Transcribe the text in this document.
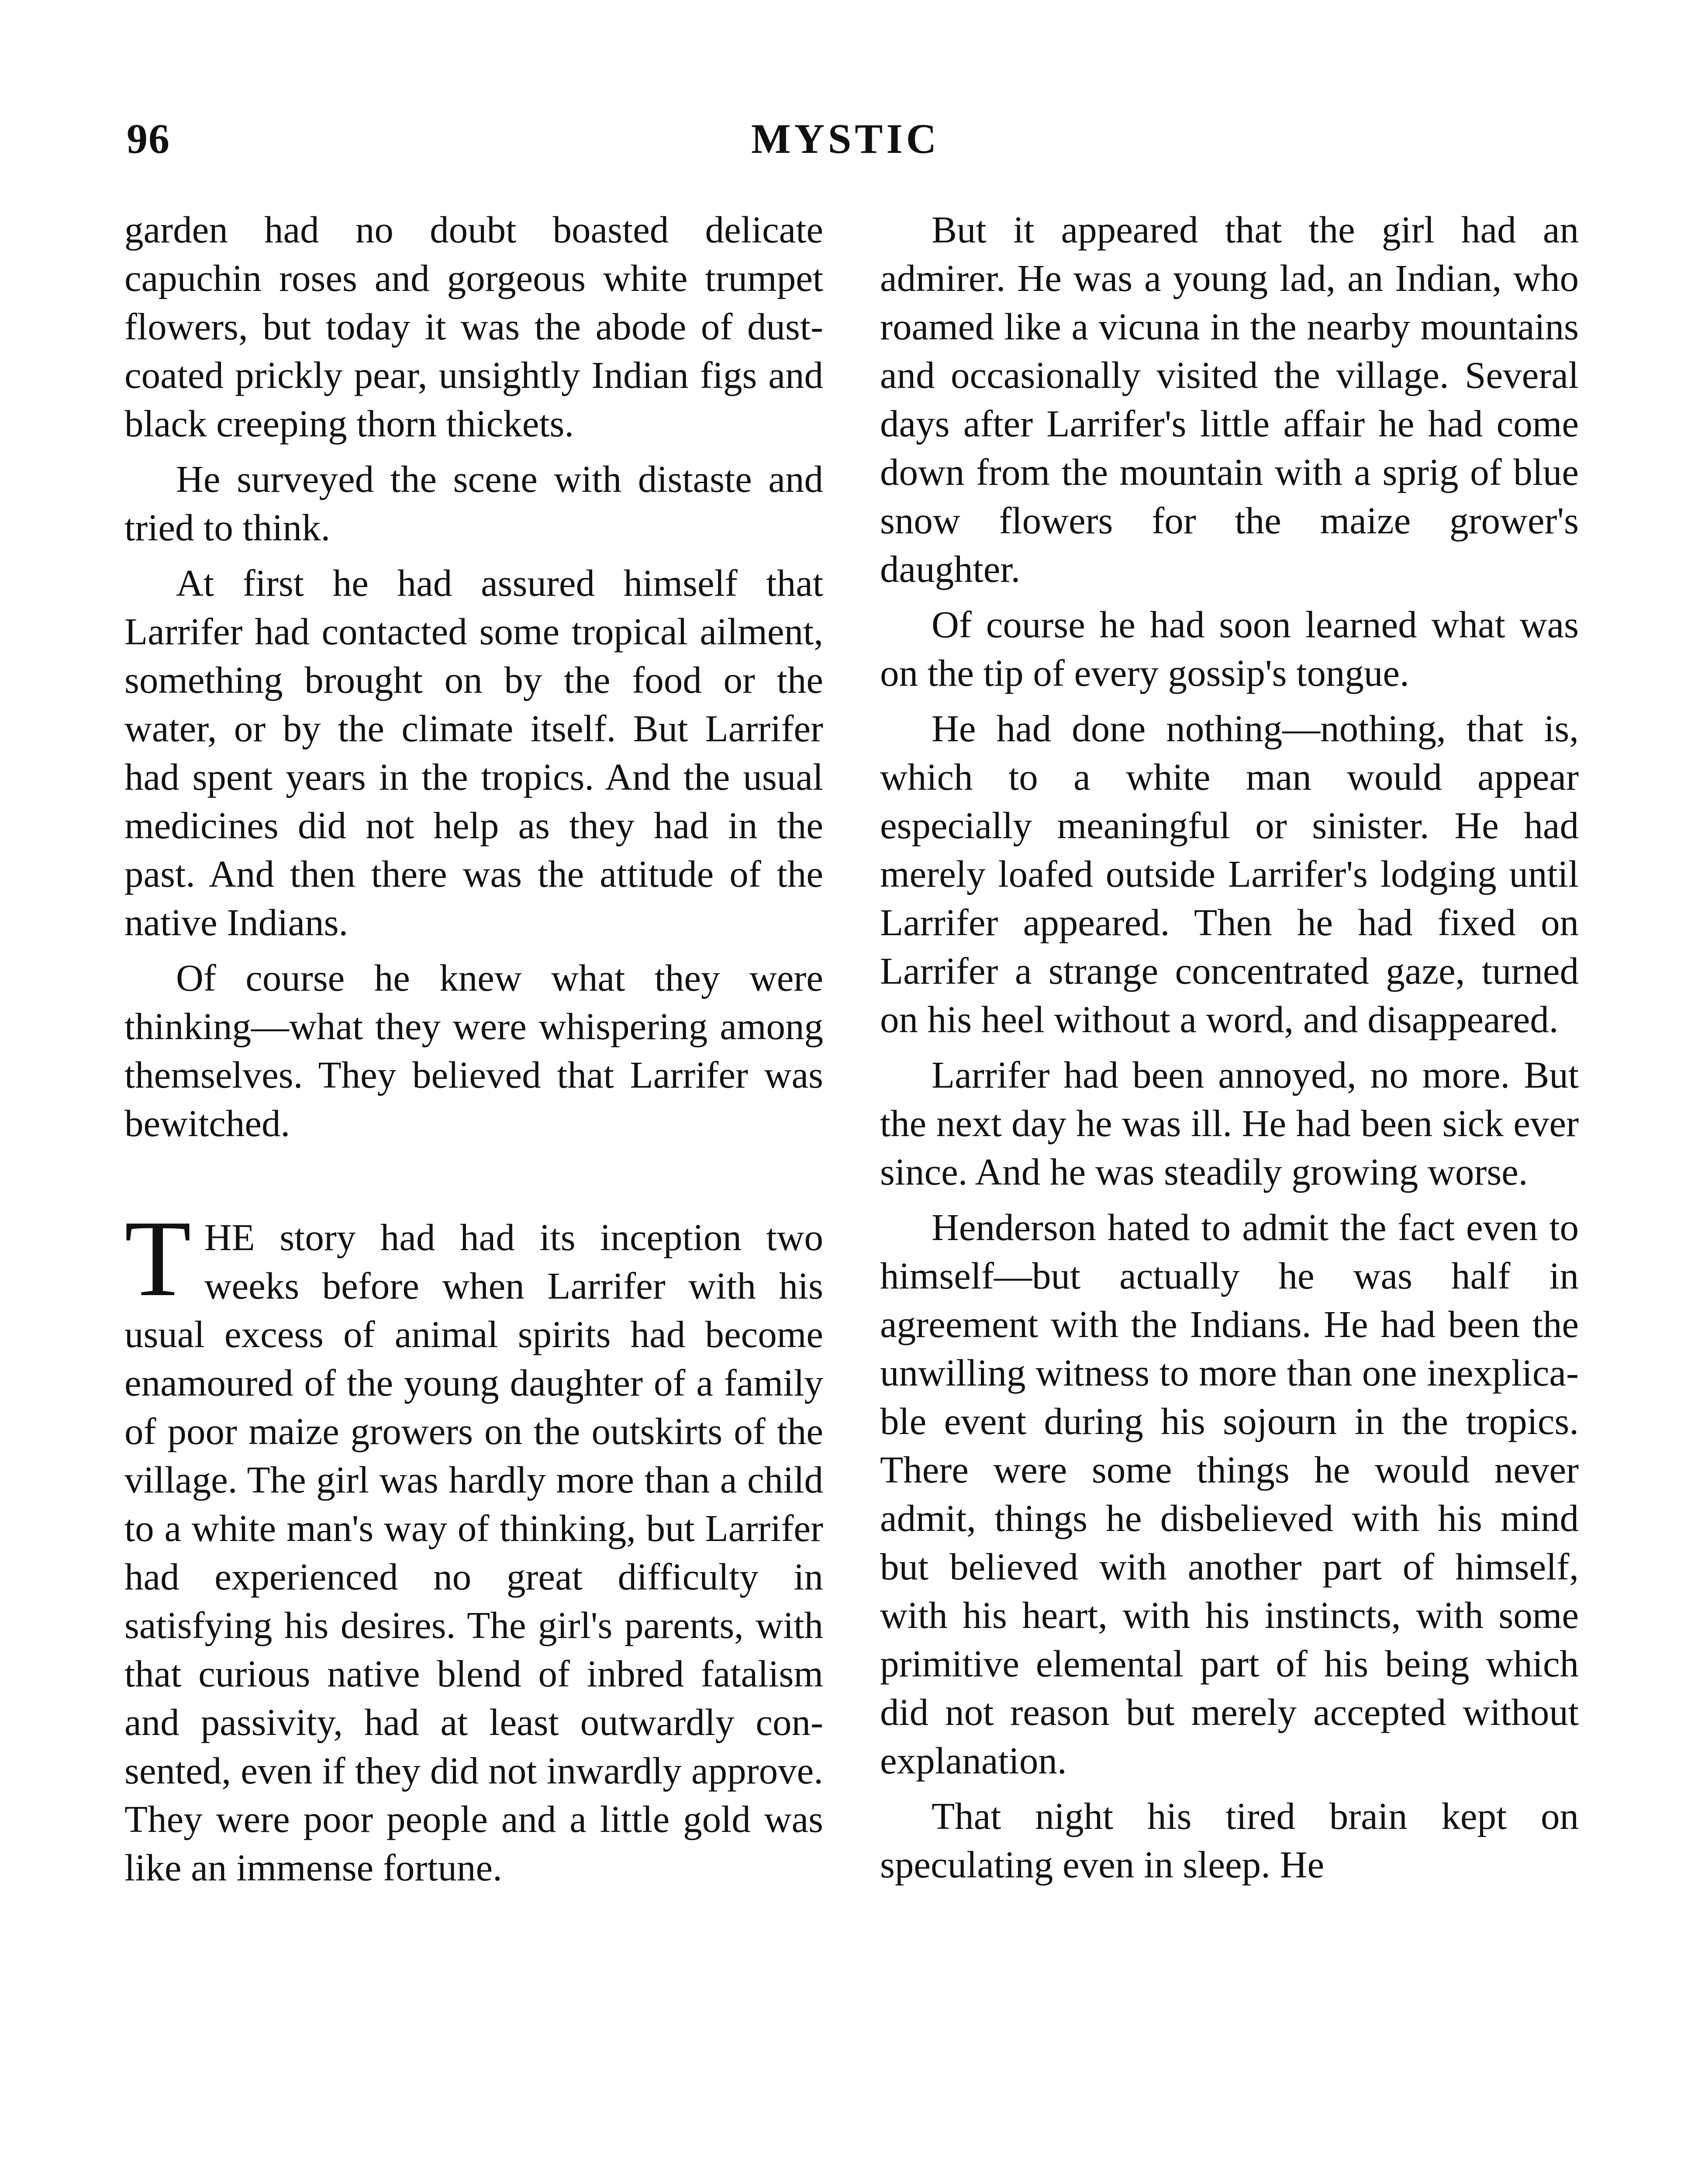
96	MYSTIC

garden had no doubt boasted delicate capuchin roses and gorgeous white trumpet flowers, but today it was the abode of dust-coated prickly pear, unsightly Indian figs and black creeping thorn thickets.

He surveyed the scene with distaste and tried to think.

At first he had assured himself that Larrifer had contacted some tropical ailment, something brought on by the food or the water, or by the climate itself. But Larrifer had spent years in the tropics. And the usual medicines did not help as they had in the past. And then there was the attitude of the native Indians.

Of course he knew what they were thinking—what they were whispering among themselves. They believed that Larrifer was bewitched.

THE story had had its inception two weeks before when Larrifer with his usual excess of animal spirits had become enamoured of the young daughter of a family of poor maize growers on the outskirts of the village. The girl was hardly more than a child to a white man's way of thinking, but Larrifer had experienced no great difficulty in satisfying his desires. The girl's parents, with that curious native blend of inbred fatalism and passivity, had at least outwardly consented, even if they did not inwardly approve. They were poor people and a little gold was like an immense fortune.

But it appeared that the girl had an admirer. He was a young lad, an Indian, who roamed like a vicuna in the nearby mountains and occasionally visited the village. Several days after Larrifer's little affair he had come down from the mountain with a sprig of blue snow flowers for the maize grower's daughter.

Of course he had soon learned what was on the tip of every gossip's tongue.

He had done nothing—nothing, that is, which to a white man would appear especially meaningful or sinister. He had merely loafed outside Larrifer's lodging until Larrifer appeared. Then he had fixed on Larrifer a strange concentrated gaze, turned on his heel without a word, and disappeared.

Larrifer had been annoyed, no more. But the next day he was ill. He had been sick ever since. And he was steadily growing worse.

Henderson hated to admit the fact even to himself—but actually he was half in agreement with the Indians. He had been the unwilling witness to more than one inexplicable event during his sojourn in the tropics. There were some things he would never admit, things he disbelieved with his mind but believed with another part of himself, with his heart, with his instincts, with some primitive elemental part of his being which did not reason but merely accepted without explanation.

That night his tired brain kept on speculating even in sleep. He
